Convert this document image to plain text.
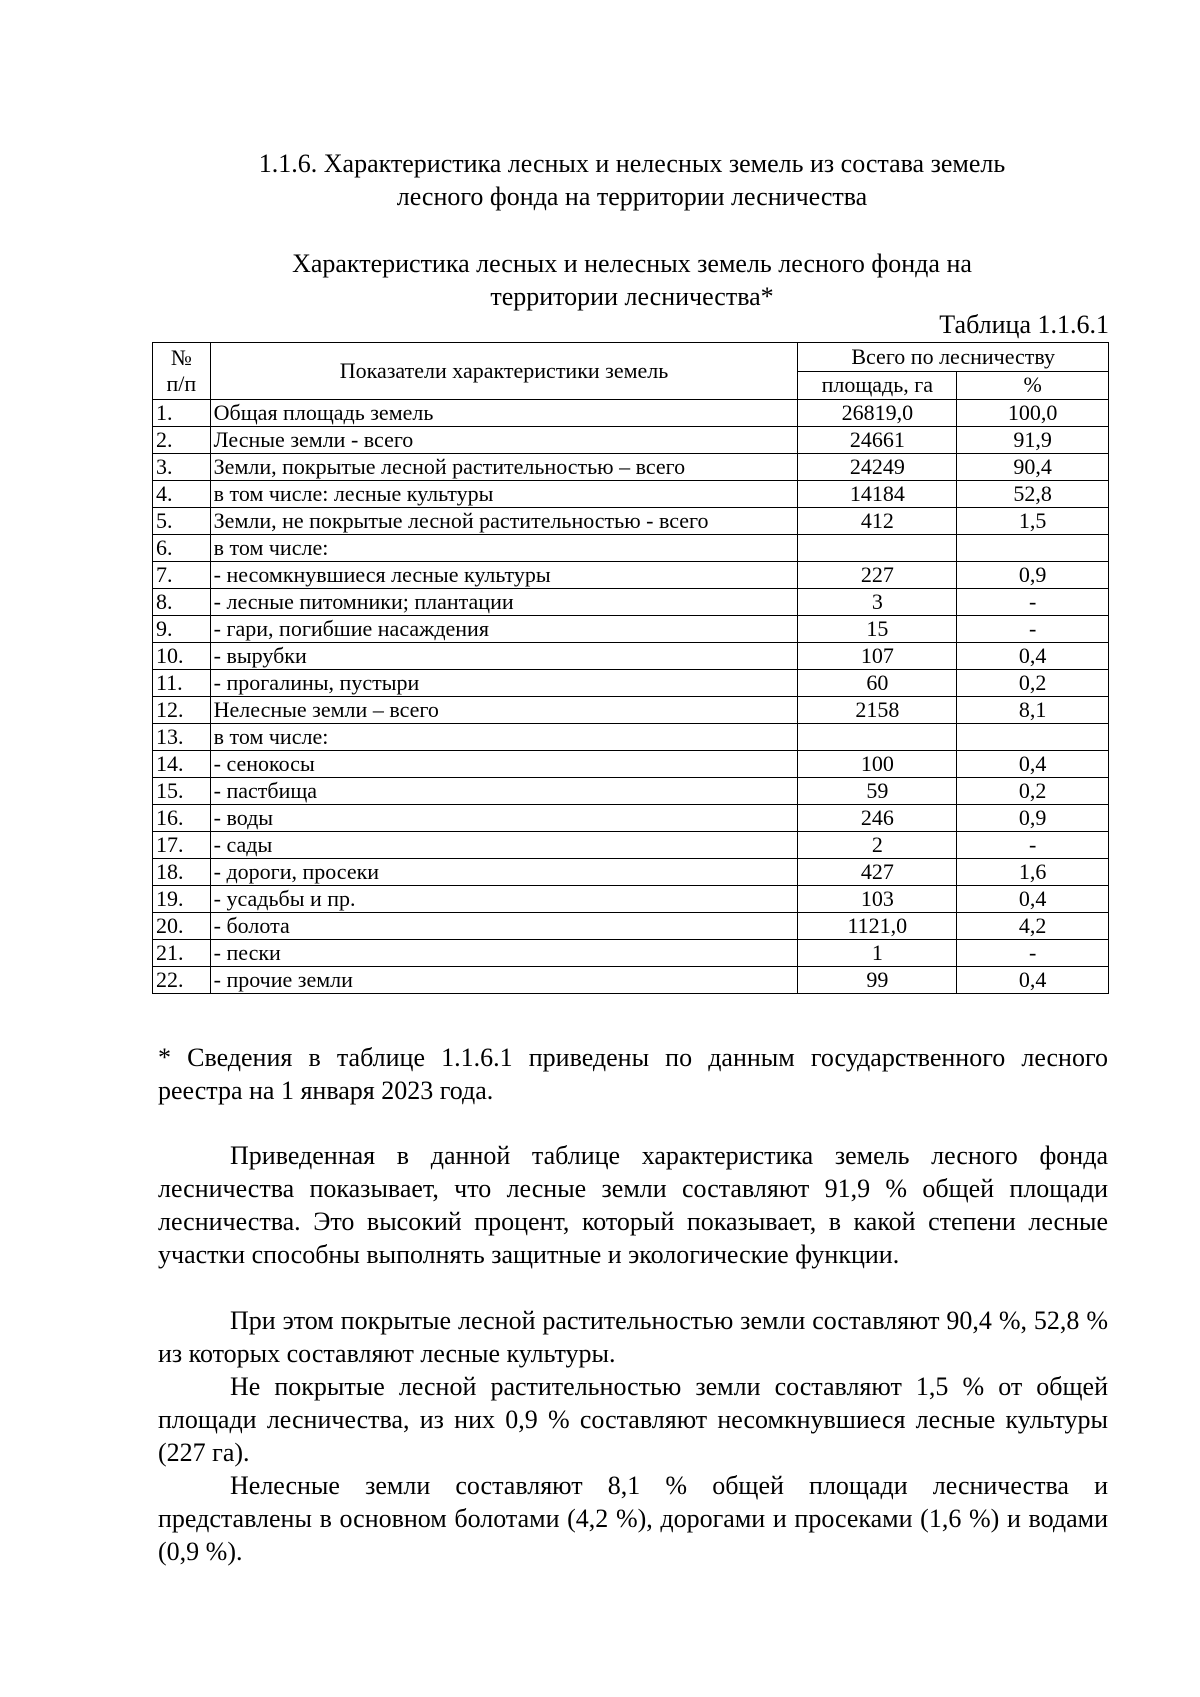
1.1.6. Характеристика лесных и нелесных земель из состава земель
лесного фонда на территории лесничества
Характеристика лесных и нелесных земель лесного фонда на
территории лесничества*
Таблица 1.1.6.1
№
п/п	Показатели характеристики земель	Всего по лесничеству	
		площадь, га	%
1.	Общая площадь земель	26819,0	100,0
2.	Лесные земли - всего	24661	91,9
3.	Земли, покрытые лесной растительностью – всего	24249	90,4
4.	в том числе: лесные культуры	14184	52,8
5.	Земли, не покрытые лесной растительностью - всего	412	1,5
6.	в том числе:		
7.	- несомкнувшиеся лесные культуры	227	0,9
8.	- лесные питомники; плантации	3	-
9.	- гари, погибшие насаждения	15	-
10.	- вырубки	107	0,4
11.	- прогалины, пустыри	60	0,2
12.	Нелесные земли – всего	2158	8,1
13.	в том числе:		
14.	- сенокосы	100	0,4
15.	- пастбища	59	0,2
16.	- воды	246	0,9
17.	- сады	2	-
18.	- дороги, просеки	427	1,6
19.	- усадьбы и пр.	103	0,4
20.	- болота	1121,0	4,2
21.	- пески	1	-
22.	- прочие земли	99	0,4
* Сведения в таблице 1.1.6.1 приведены по данным государственного лесного реестра на 1 января 2023 года.

Приведенная в данной таблице характеристика земель лесного фонда лесничества показывает, что лесные земли составляют 91,9 % общей площади лесничества. Это высокий процент, который показывает, в какой степени лесные участки способны выполнять защитные и экологические функции.

При этом покрытые лесной растительностью земли составляют 90,4 %, 52,8 % из которых составляют лесные культуры.

Не покрытые лесной растительностью земли составляют 1,5 % от общей площади лесничества, из них 0,9 % составляют несомкнувшиеся лесные культуры (227 га).

Нелесные земли составляют 8,1 % общей площади лесничества и представлены в основном болотами (4,2 %), дорогами и просеками (1,6 %) и водами (0,9 %).
